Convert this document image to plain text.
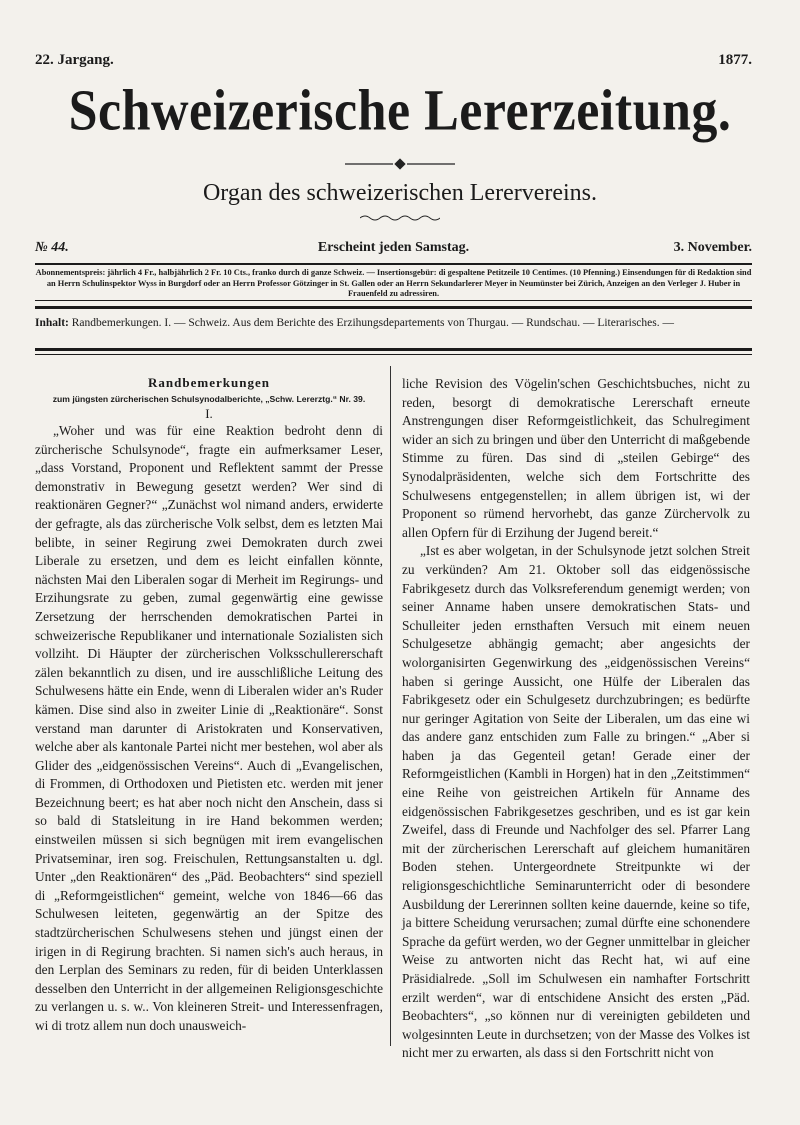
22. Jargang.	1877.
Schweizerische Lererzeitung.
Organ des schweizerischen Lerervereins.
№ 44.	Erscheint jeden Samstag.	3. November.
Abonnementspreis: jährlich 4 Fr., halbjährlich 2 Fr. 10 Cts., franko durch di ganze Schweiz. — Insertionsgebür: di gespaltene Petitzeile 10 Centimes. (10 Pfenning.) Einsendungen für di Redaktion sind an Herrn Schulinspektor Wyss in Burgdorf oder an Herrn Professor Götzinger in St. Gallen oder an Herrn Sekundarlerer Meyer in Neumünster bei Zürich, Anzeigen an den Verleger J. Huber in Frauenfeld zu adressiren.
Inhalt: Randbemerkungen. I. — Schweiz. Aus dem Berichte des Erzihungsdepartements von Thurgau. — Rundschau. — Literarisches. —
Randbemerkungen
zum jüngsten zürcherischen Schulsynodalberichte, „Schw. Lererztg.“ Nr. 39.
I.

„Woher und was für eine Reaktion bedroht denn di zürcherische Schulsynode“, fragte ein aufmerksamer Leser, „dass Vorstand, Proponent und Reflektent sammt der Presse demonstrativ in Bewegung gesetzt werden? Wer sind di reaktionären Gegner?“ „Zunächst wol nimand anders, erwiderte der gefragte, als das zürcherische Volk selbst, dem es letzten Mai belibte, in seiner Regirung zwei Demokraten durch zwei Liberale zu ersetzen, und dem es leicht einfallen könnte, nächsten Mai den Liberalen sogar di Merheit im Regirungs- und Erzihungsrate zu geben, zumal gegenwärtig eine gewisse Zersetzung der herrschenden demokratischen Partei in schweizerische Republikaner und internationale Sozialisten sich vollziht. Di Häupter der zürcherischen Volksschullererschaft zälen bekanntlich zu disen, und ire ausschlißliche Leitung des Schulwesens hätte ein Ende, wenn di Liberalen wider an's Ruder kämen. Dise sind also in zweiter Linie di „Reaktionäre“. Sonst verstand man darunter di Aristokraten und Konservativen, welche aber als kantonale Partei nicht mer bestehen, wol aber als Glider des „eidgenössischen Vereins“. Auch di „Evangelischen, di Frommen, di Orthodoxen und Pietisten etc. werden mit jener Bezeichnung beert; es hat aber noch nicht den Anschein, dass si so bald di Statsleitung in ire Hand bekommen werden; einstweilen müssen si sich begnügen mit irem evangelischen Privatseminar, iren sog. Freischulen, Rettungsanstalten u. dgl. Unter „den Reaktionären“ des „Päd. Beobachters“ sind speziell di „Reformgeistlichen“ gemeint, welche von 1846—66 das Schulwesen leiteten, gegenwärtig an der Spitze des stadtzürcherischen Schulwesens stehen und jüngst einen der irigen in di Regirung brachten. Si namen sich's auch heraus, in den Lerplan des Seminars zu reden, für di beiden Unterklassen desselben den Unterricht in der allgemeinen Religionsgeschichte zu verlangen u. s. w.. Von kleineren Streit- und Interessenfragen, wi di trotz allem nun doch unausweich-

liche Revision des Vögelin'schen Geschichtsbuches, nicht zu reden, besorgt di demokratische Lererschaft erneute Anstrengungen diser Reformgeistlichkeit, das Schulregiment wider an sich zu bringen und über den Unterricht di maßgebende Stimme zu füren. Das sind di „steilen Gebirge“ des Synodalpräsidenten, welche sich dem Fortschritte des Schulwesens entgegenstellen; in allem übrigen ist, wi der Proponent so rümend hervorhebt, das ganze Zürchervolk zu allen Opfern für di Erzihung der Jugend bereit.“

„Ist es aber wolgetan, in der Schulsynode jetzt solchen Streit zu verkünden? Am 21. Oktober soll das eidgenössische Fabrikgesetz durch das Volksreferendum genemigt werden; von seiner Anname haben unsere demokratischen Stats- und Schulleiter jeden ernsthaften Versuch mit einem neuen Schulgesetze abhängig gemacht; aber angesichts der wolorganisirten Gegenwirkung des „eidgenössischen Vereins“ haben si geringe Aussicht, one Hülfe der Liberalen das Fabrikgesetz oder ein Schulgesetz durchzubringen; es bedürfte nur geringer Agitation von Seite der Liberalen, um das eine wi das andere ganz entschiden zum Falle zu bringen.“ „Aber si haben ja das Gegenteil getan! Gerade einer der Reformgeistlichen (Kambli in Horgen) hat in den „Zeitstimmen“ eine Reihe von geistreichen Artikeln für Anname des eidgenössischen Fabrikgesetzes geschriben, und es ist gar kein Zweifel, dass di Freunde und Nachfolger des sel. Pfarrer Lang mit der zürcherischen Lererschaft auf gleichem humanitären Boden stehen. Untergeordnete Streitpunkte wi der religionsgeschichtliche Seminarunterricht oder di besondere Ausbildung der Lererinnen sollten keine dauernde, keine so tife, ja bittere Scheidung verursachen; zumal dürfte eine schonendere Sprache da gefürt werden, wo der Gegner unmittelbar in gleicher Weise zu antworten nicht das Recht hat, wi auf eine Präsidialrede. „Soll im Schulwesen ein namhafter Fortschritt erzilt werden“, war di entschidene Ansicht des ersten „Päd. Beobachters“, „so können nur di vereinigten gebildeten und wolgesinnten Leute in durchsetzen; von der Masse des Volkes ist nicht mer zu erwarten, als dass si den Fortschritt nicht von
